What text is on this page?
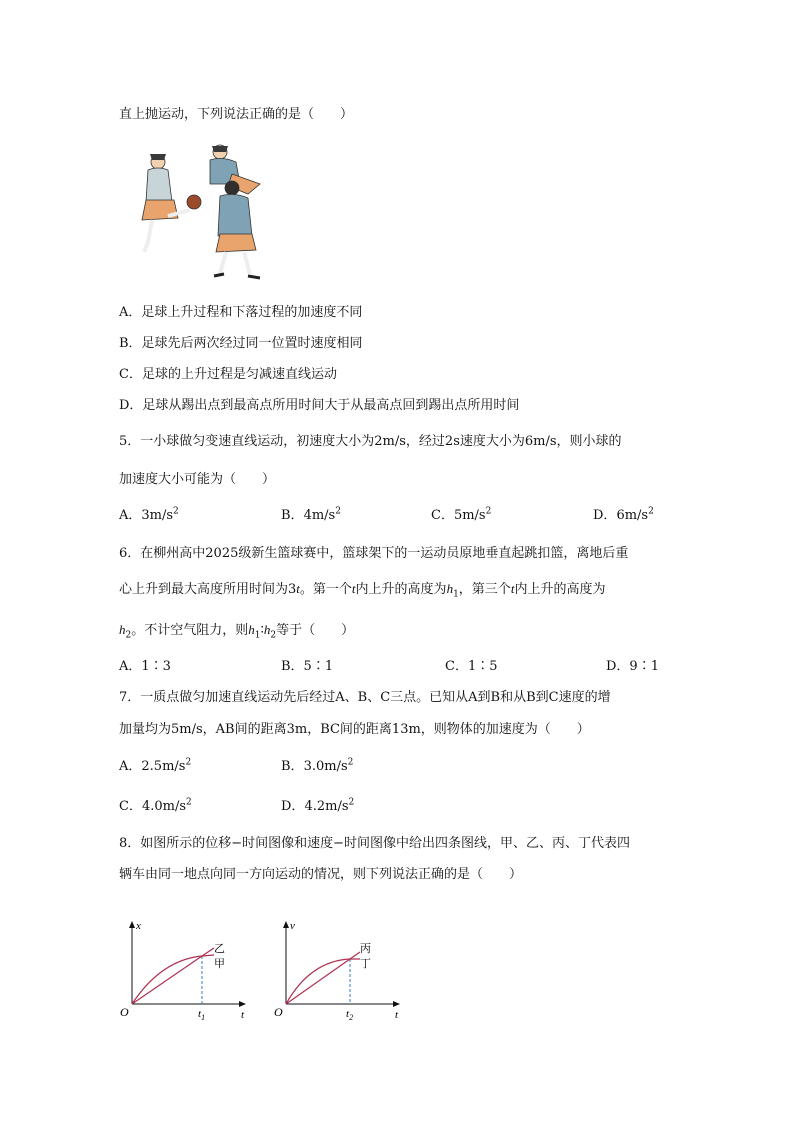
直上抛运动，下列说法正确的是（　　）
A．足球上升过程和下落过程的加速度不同
B．足球先后两次经过同一位置时速度相同
C．足球的上升过程是匀减速直线运动
D．足球从踢出点到最高点所用时间大于从最高点回到踢出点所用时间
5．一小球做匀变速直线运动，初速度大小为2m/s，经过2s速度大小为6m/s，则小球的
加速度大小可能为（　　）
A．$3m/s^2$	B．$4m/s^2$	C．$5m/s^2$	D．$6m/s^2$
6．在柳州高中2025级新生篮球赛中，篮球架下的一运动员原地垂直起跳扣篮，离地后重
心上升到最大高度所用时间为3t。第一个t内上升的高度为$h_1$，第三个t内上升的高度为
$h_2$。不计空气阻力，则$h_1∶h_2$等于（　　）
A．1∶3	B．5∶1	C．1∶5	D．9∶1
7．一质点做匀加速直线运动先后经过A、B、C三点。已知从A到B和从B到C速度的增
加量均为5m/s，AB间的距离3m，BC间的距离13m，则物体的加速度为（　　）
A．$2.5m/s^2$	B．$3.0m/s^2$
C．$4.0m/s^2$	D．$4.2m/s^2$
8．如图所示的位移−时间图像和速度−时间图像中给出四条图线，甲、乙、丙、丁代表四
辆车由同一地点向同一方向运动的情况，则下列说法正确的是（　　）
x
t
O
乙
甲
$t_1$
v
t
O
丙
丁
$t_2$
